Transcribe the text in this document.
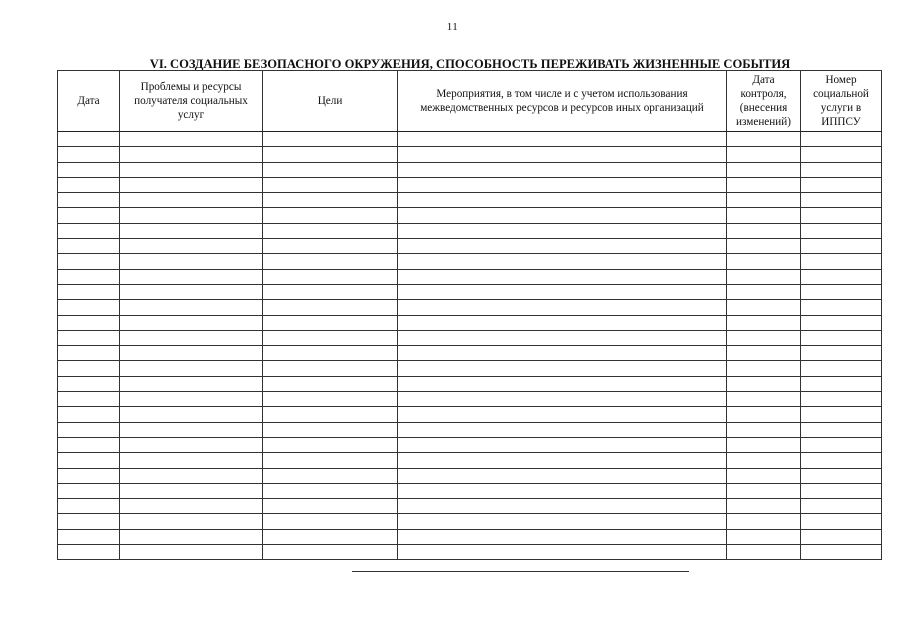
11
VI. СОЗДАНИЕ БЕЗОПАСНОГО ОКРУЖЕНИЯ, СПОСОБНОСТЬ ПЕРЕЖИВАТЬ ЖИЗНЕННЫЕ СОБЫТИЯ
Дата	Проблемы и ресурсы получателя социальных услуг	Цели	Мероприятия, в том числе и с учетом использования межведомственных ресурсов и ресурсов иных организаций	Дата контроля, (внесения изменений)	Номер социальной услуги в ИППСУ
